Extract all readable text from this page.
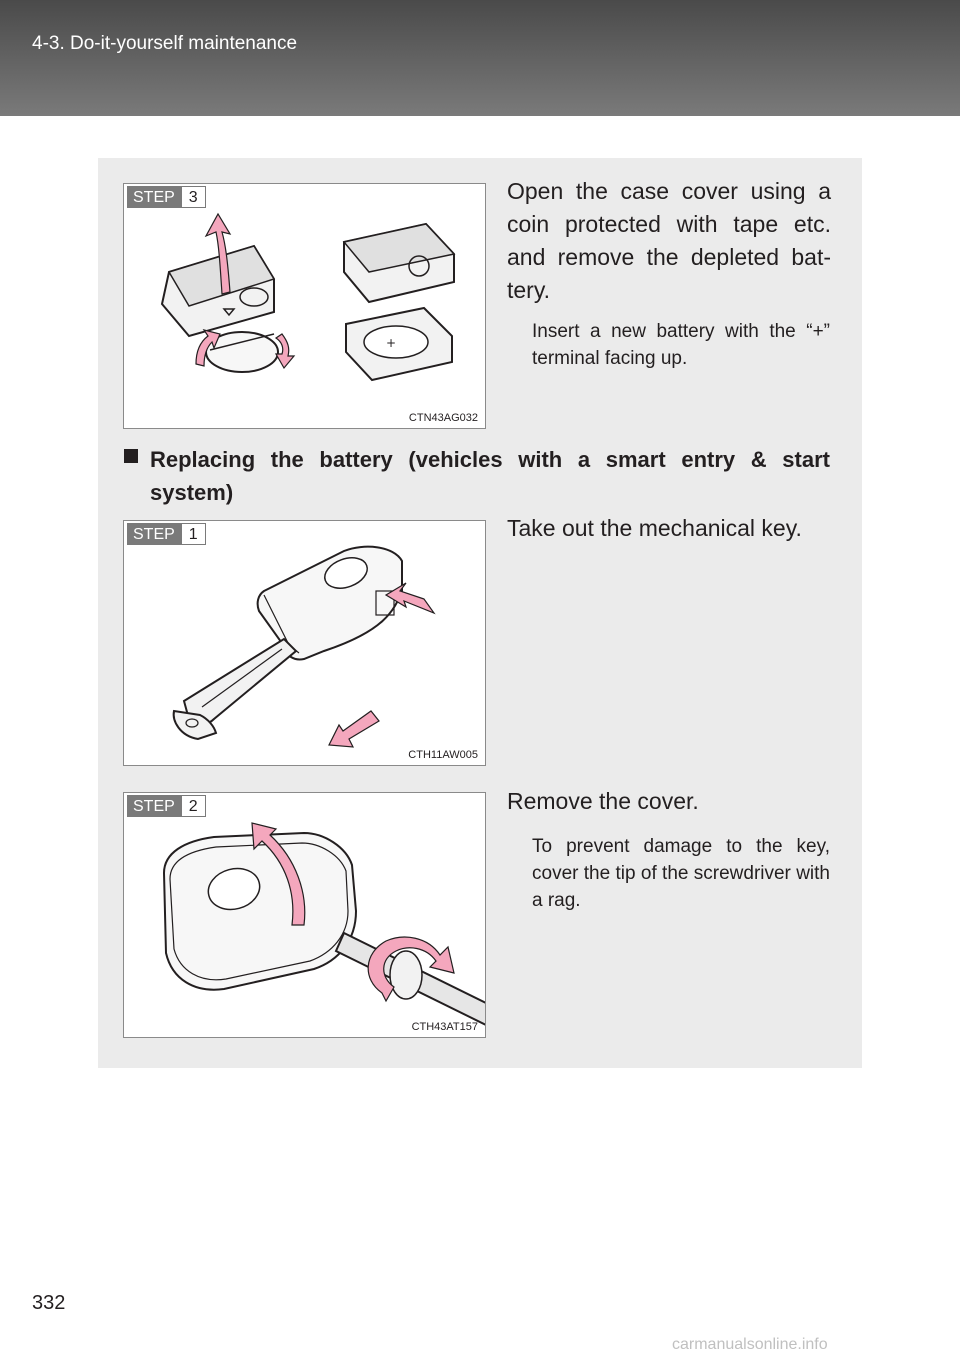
4-3. Do-it-yourself maintenance
+
STEP 3
CTN43AG032

Open the case cover using a coin protected with tape etc. and remove the depleted bat-tery.

Insert a new battery with the “+” terminal facing up.

Replacing the battery (vehicles with a smart entry & start system)
STEP 1
CTH11AW005

Take out the mechanical key.

STEP 2
CTH43AT157

Remove the cover.

To prevent damage to the key, cover the tip of the screwdriver with a rag.

332
carmanualsonline.info
